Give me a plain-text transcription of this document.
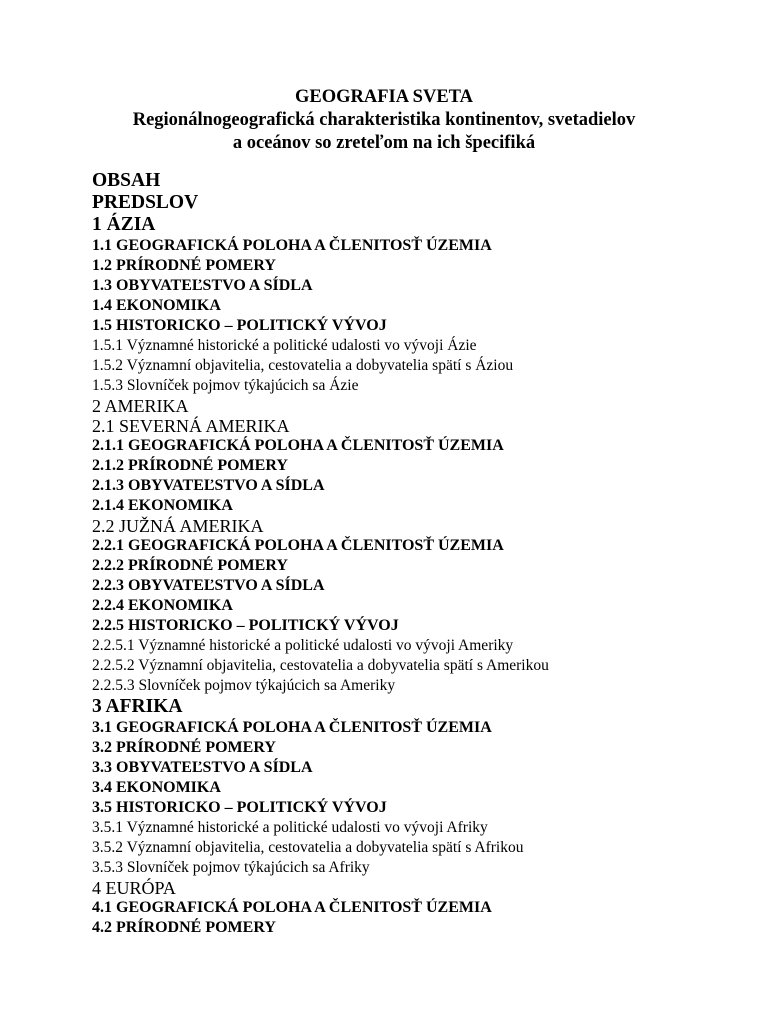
GEOGRAFIA SVETA
Regionálnogeografická charakteristika kontinentov, svetadielov
a oceánov so zreteľom na ich špecifiká
OBSAH
PREDSLOV
1 ÁZIA
1.1 GEOGRAFICKÁ POLOHA A ČLENITOSŤ ÚZEMIA
1.2 PRÍRODNÉ POMERY
1.3 OBYVATEĽSTVO A SÍDLA
1.4 EKONOMIKA
1.5 HISTORICKO – POLITICKÝ VÝVOJ
1.5.1 Významné historické a politické udalosti vo vývoji Ázie
1.5.2 Významní objavitelia, cestovatelia a dobyvatelia spätí s Áziou
1.5.3 Slovníček pojmov týkajúcich sa Ázie
2 AMERIKA
2.1 SEVERNÁ AMERIKA
2.1.1 GEOGRAFICKÁ POLOHA A ČLENITOSŤ ÚZEMIA
2.1.2 PRÍRODNÉ POMERY
2.1.3 OBYVATEĽSTVO A SÍDLA
2.1.4 EKONOMIKA
2.2 JUŽNÁ AMERIKA
2.2.1 GEOGRAFICKÁ POLOHA A ČLENITOSŤ ÚZEMIA
2.2.2 PRÍRODNÉ POMERY
2.2.3 OBYVATEĽSTVO A SÍDLA
2.2.4 EKONOMIKA
2.2.5 HISTORICKO – POLITICKÝ VÝVOJ
2.2.5.1 Významné historické a politické udalosti vo vývoji Ameriky
2.2.5.2 Významní objavitelia, cestovatelia a dobyvatelia spätí s Amerikou
2.2.5.3 Slovníček pojmov týkajúcich sa Ameriky
3 AFRIKA
3.1 GEOGRAFICKÁ POLOHA A ČLENITOSŤ ÚZEMIA
3.2 PRÍRODNÉ POMERY
3.3 OBYVATEĽSTVO A SÍDLA
3.4 EKONOMIKA
3.5 HISTORICKO – POLITICKÝ VÝVOJ
3.5.1 Významné historické a politické udalosti vo vývoji Afriky
3.5.2 Významní objavitelia, cestovatelia a dobyvatelia spätí s Afrikou
3.5.3 Slovníček pojmov týkajúcich sa Afriky
4 EURÓPA
4.1 GEOGRAFICKÁ POLOHA A ČLENITOSŤ ÚZEMIA
4.2 PRÍRODNÉ POMERY
